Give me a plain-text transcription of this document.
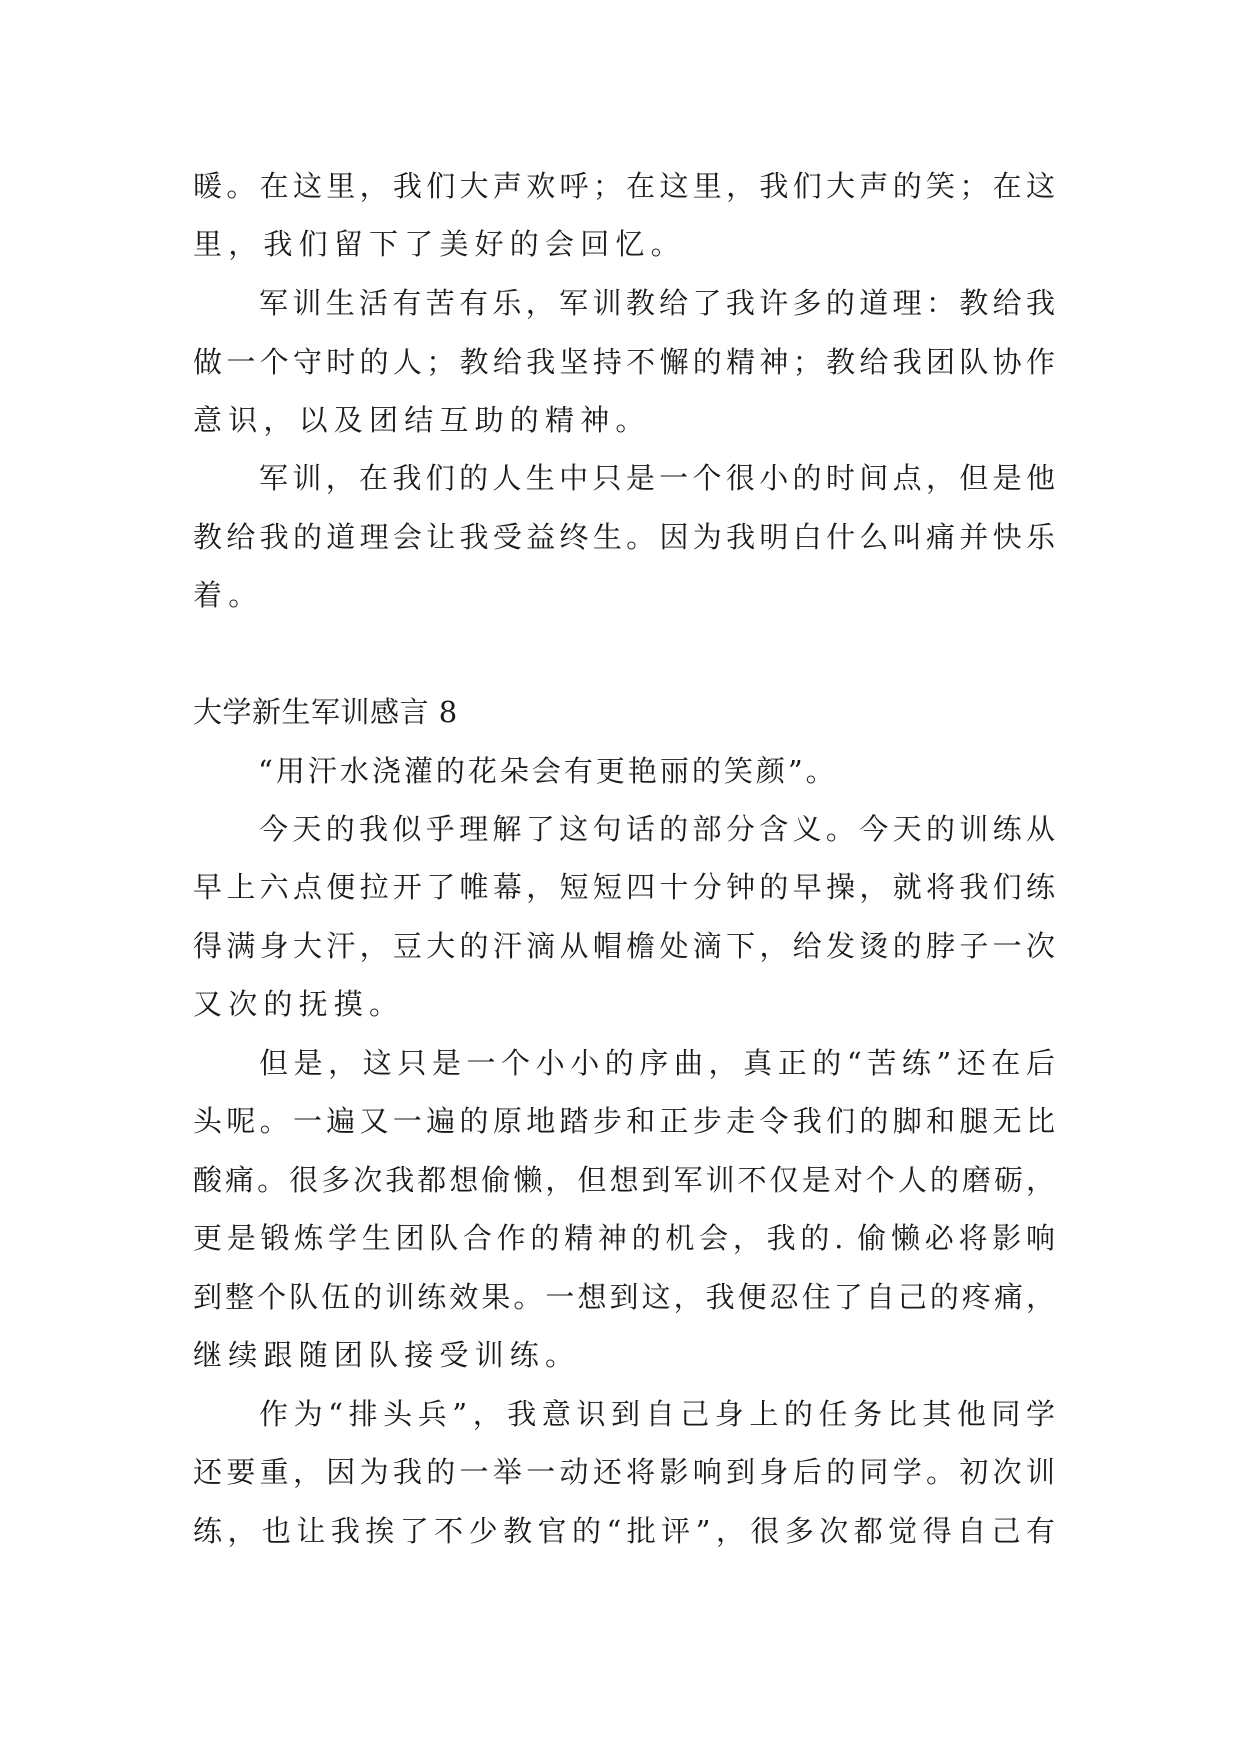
暖。在这里，我们大声欢呼；在这里，我们大声的笑；在这
里，我们留下了美好的会回忆。
军训生活有苦有乐，军训教给了我许多的道理：教给我
做一个守时的人；教给我坚持不懈的精神；教给我团队协作
意识，以及团结互助的精神。
军训，在我们的人生中只是一个很小的时间点，但是他
教给我的道理会让我受益终生。因为我明白什么叫痛并快乐
着。
大学新生军训感言 8
“用汗水浇灌的花朵会有更艳丽的笑颜”。
今天的我似乎理解了这句话的部分含义。今天的训练从
早上六点便拉开了帷幕，短短四十分钟的早操，就将我们练
得满身大汗，豆大的汗滴从帽檐处滴下，给发烫的脖子一次
又次的抚摸。
但是，这只是一个小小的序曲，真正的“苦练”还在后
头呢。一遍又一遍的原地踏步和正步走令我们的脚和腿无比
酸痛。很多次我都想偷懒，但想到军训不仅是对个人的磨砺，
更是锻炼学生团队合作的精神的机会，我的. 偷懒必将影响
到整个队伍的训练效果。一想到这，我便忍住了自己的疼痛，
继续跟随团队接受训练。
作为“排头兵”，我意识到自己身上的任务比其他同学
还要重，因为我的一举一动还将影响到身后的同学。初次训
练，也让我挨了不少教官的“批评”，很多次都觉得自己有
